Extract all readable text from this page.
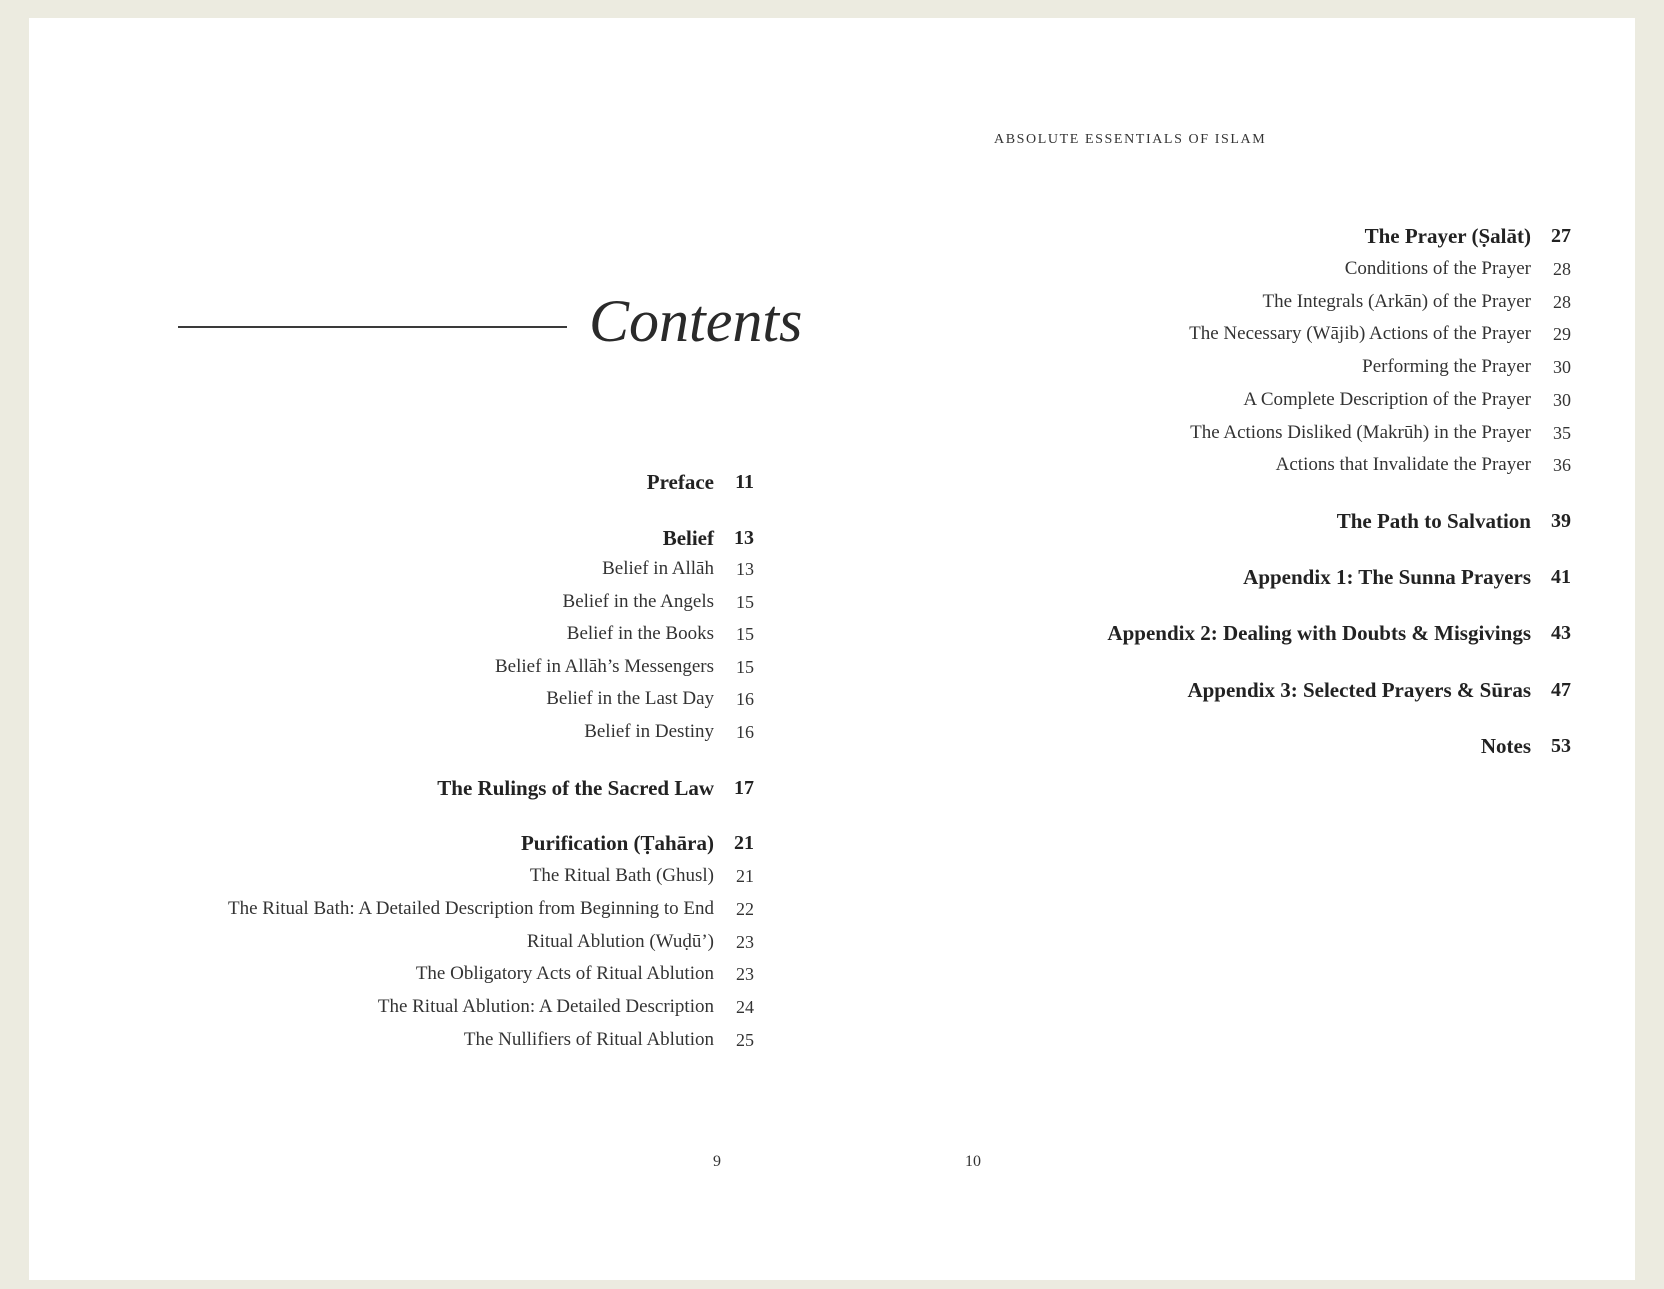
ABSOLUTE ESSENTIALS OF ISLAM
Contents
Preface	11
Belief	13
Belief in Allāh	13
Belief in the Angels	15
Belief in the Books	15
Belief in Allāh’s Messengers	15
Belief in the Last Day	16
Belief in Destiny	16
The Rulings of the Sacred Law	17
Purification (Ṭahāra)	21
The Ritual Bath (Ghusl)	21
The Ritual Bath: A Detailed Description from Beginning to End	22
Ritual Ablution (Wuḍū’)	23
The Obligatory Acts of Ritual Ablution	23
The Ritual Ablution: A Detailed Description	24
The Nullifiers of Ritual Ablution	25
The Prayer (Ṣalāt)	27
Conditions of the Prayer	28
The Integrals (Arkān) of the Prayer	28
The Necessary (Wājib) Actions of the Prayer	29
Performing the Prayer	30
A Complete Description of the Prayer	30
The Actions Disliked (Makrūh) in the Prayer	35
Actions that Invalidate the Prayer	36
The Path to Salvation	39
Appendix 1: The Sunna Prayers	41
Appendix 2: Dealing with Doubts & Misgivings	43
Appendix 3: Selected Prayers & Sūras	47
Notes	53
9	10
